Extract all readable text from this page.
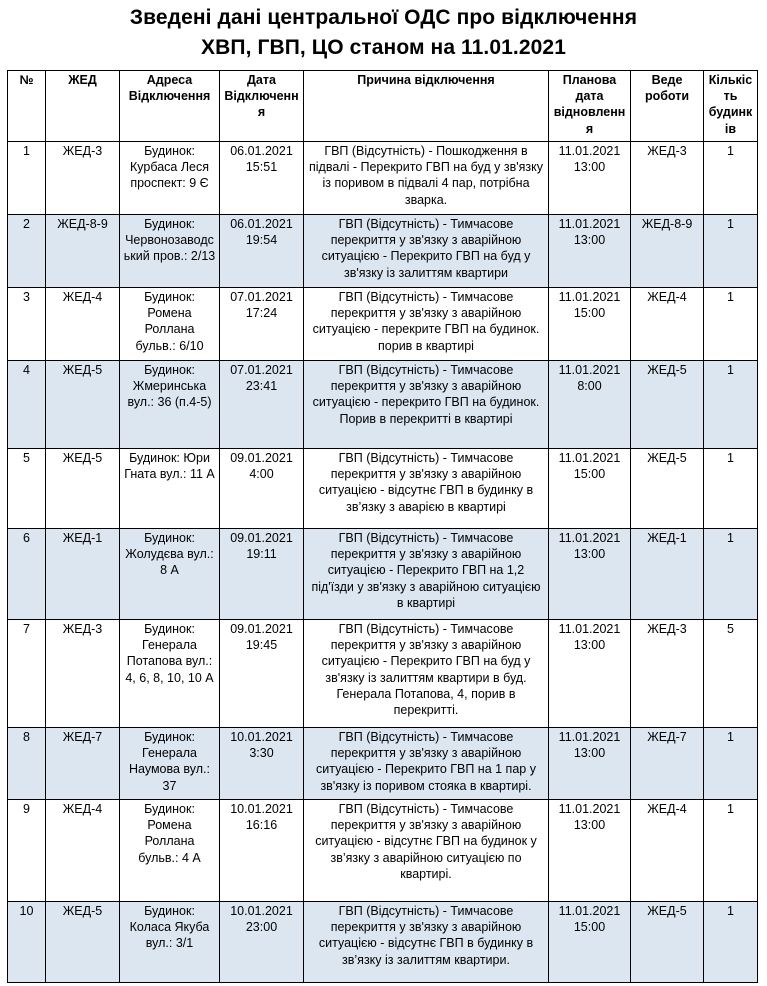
Зведені дані центральної ОДС про відключення
ХВП, ГВП, ЦО станом на 11.01.2021
№	ЖЕД	Адреса Відключення	Дата Відключення	Причина відключення	Планова дата відновлення	Веде роботи	Кількість будинків
1	ЖЕД-3	Будинок: Курбаса Леся проспект: 9 Є	06.01.2021 15:51	ГВП (Відсутність) - Пошкодження в підвалі - Перекрито ГВП на буд у зв'язку із поривом в підвалі 4 пар, потрібна зварка.	11.01.2021 13:00	ЖЕД-3	1
2	ЖЕД-8-9	Будинок: Червонозаводський пров.: 2/13	06.01.2021 19:54	ГВП (Відсутність) - Тимчасове перекриття у зв'язку з аварійною ситуацією - Перекрито ГВП на буд у зв'язку із залиттям квартири	11.01.2021 13:00	ЖЕД-8-9	1
3	ЖЕД-4	Будинок: Ромена Роллана бульв.: 6/10	07.01.2021 17:24	ГВП (Відсутність) - Тимчасове перекриття у зв'язку з аварійною ситуацією - перекрите ГВП на будинок. порив в квартирі	11.01.2021 15:00	ЖЕД-4	1
4	ЖЕД-5	Будинок: Жмеринська вул.: 36 (п.4-5)	07.01.2021 23:41	ГВП (Відсутність) - Тимчасове перекриття у зв'язку з аварійною ситуацією - перекрито ГВП на будинок. Порив в перекритті в квартирі	11.01.2021 8:00	ЖЕД-5	1
5	ЖЕД-5	Будинок: Юри Гната вул.: 11 А	09.01.2021 4:00	ГВП (Відсутність) - Тимчасове перекриття у зв'язку з аварійною ситуацією - відсутнє ГВП в будинку в зв’язку з аварією в квартирі	11.01.2021 15:00	ЖЕД-5	1
6	ЖЕД-1	Будинок: Жолудєва вул.: 8 А	09.01.2021 19:11	ГВП (Відсутність) - Тимчасове перекриття у зв'язку з аварійною ситуацією - Перекрито ГВП на 1,2 під'їзди у зв'язку з аварійною ситуацією в квартирі	11.01.2021 13:00	ЖЕД-1	1
7	ЖЕД-3	Будинок: Генерала Потапова вул.: 4, 6, 8, 10, 10 А	09.01.2021 19:45	ГВП (Відсутність) - Тимчасове перекриття у зв'язку з аварійною ситуацією - Перекрито ГВП на буд у зв'язку із залиттям квартири в буд. Генерала Потапова, 4, порив в перекритті.	11.01.2021 13:00	ЖЕД-3	5
8	ЖЕД-7	Будинок: Генерала Наумова вул.: 37	10.01.2021 3:30	ГВП (Відсутність) - Тимчасове перекриття у зв'язку з аварійною ситуацією - Перекрито ГВП на 1 пар у зв'язку із поривом стояка в квартирі.	11.01.2021 13:00	ЖЕД-7	1
9	ЖЕД-4	Будинок: Ромена Роллана бульв.: 4 А	10.01.2021 16:16	ГВП (Відсутність) - Тимчасове перекриття у зв'язку з аварійною ситуацією - відсутнє ГВП на будинок у зв’язку з аварійною ситуацією по квартирі.	11.01.2021 13:00	ЖЕД-4	1
10	ЖЕД-5	Будинок: Коласа Якуба вул.: 3/1	10.01.2021 23:00	ГВП (Відсутність) - Тимчасове перекриття у зв'язку з аварійною ситуацією - відсутнє ГВП в будинку в зв’язку із залиттям квартири.	11.01.2021 15:00	ЖЕД-5	1
